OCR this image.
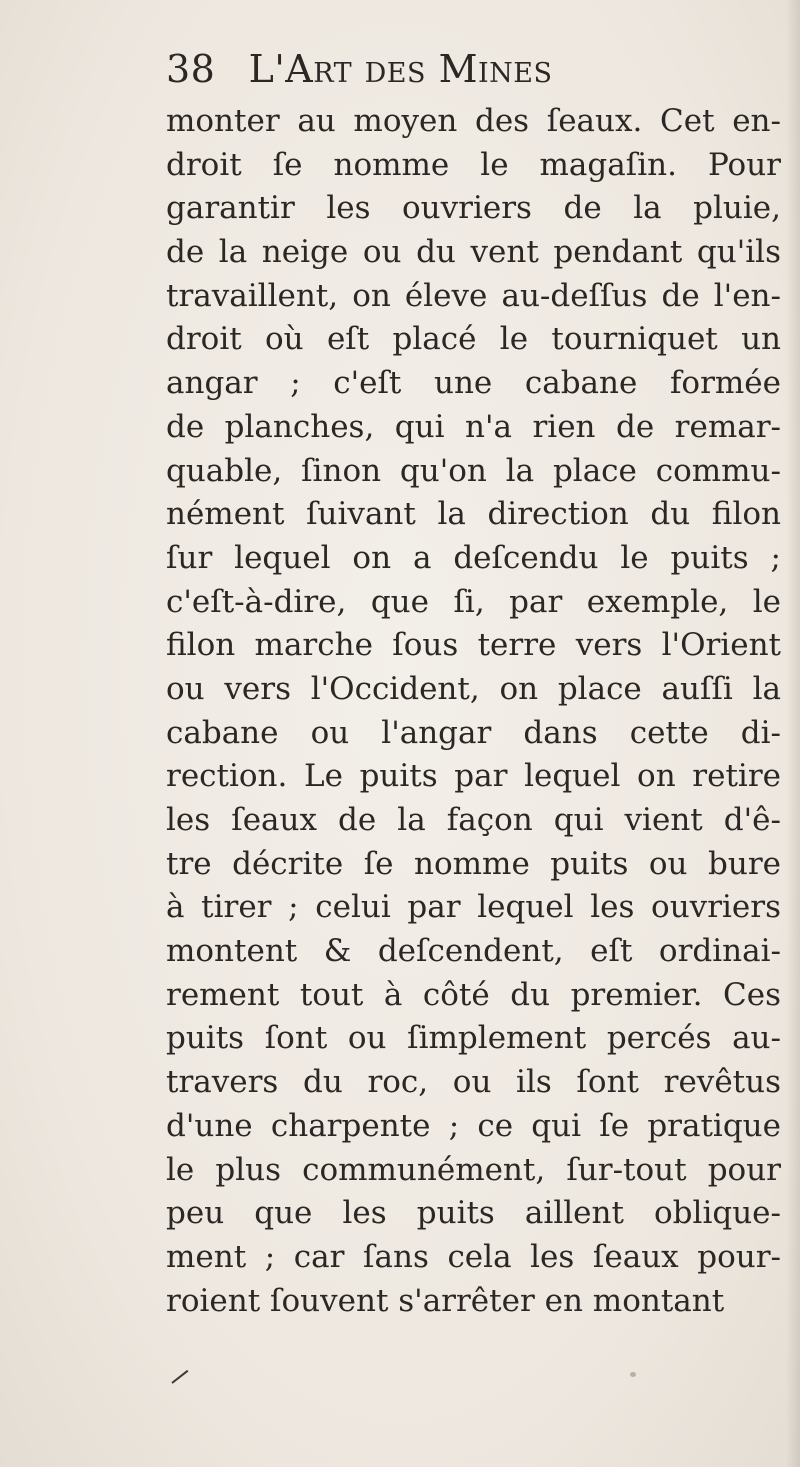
38 L'Art des Mines
monter au moyen des ſeaux. Cet en-
droit ſe nomme le magaſin. Pour
garantir les ouvriers de la pluie,
de la neige ou du vent pendant qu'ils
travaillent, on éleve au-deſſus de l'en-
droit où eſt placé le tourniquet un
angar ; c'eſt une cabane formée
de planches, qui n'a rien de remar-
quable, ſinon qu'on la place commu-
nément ſuivant la direction du filon
ſur lequel on a deſcendu le puits ;
c'eſt-à-dire, que ſi, par exemple, le
filon marche ſous terre vers l'Orient
ou vers l'Occident, on place auſſi la
cabane ou l'angar dans cette di-
rection. Le puits par lequel on retire
les ſeaux de la façon qui vient d'ê-
tre décrite ſe nomme puits ou bure
à tirer ; celui par lequel les ouvriers
montent & deſcendent, eſt ordinai-
rement tout à côté du premier. Ces
puits ſont ou ſimplement percés au-
travers du roc, ou ils ſont revêtus
d'une charpente ; ce qui ſe pratique
le plus communément, ſur-tout pour
peu que les puits aillent oblique-
ment ; car ſans cela les ſeaux pour-
roient ſouvent s'arrêter en montant
